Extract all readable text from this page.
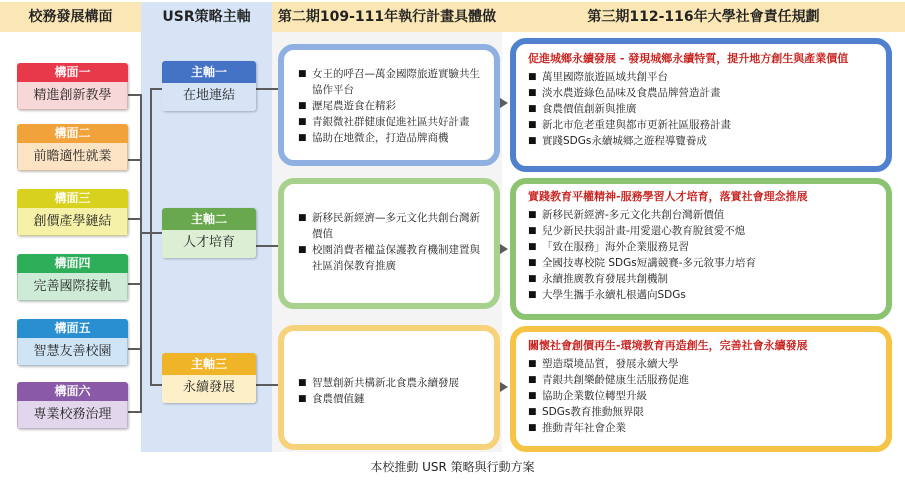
校務發展構面	USR策略主軸	第二期109-111年執行計畫具體做	第三期112-116年大學社會責任規劃
構面一
精進創新教學
構面二
前瞻適性就業
構面三
創價產學鏈結
構面四
完善國際接軌
構面五
智慧友善校園
構面六
專業校務治理
主軸一
在地連結
主軸二
人才培育
主軸三
永續發展
■ 女王的呼召—萬金國際旅遊實驗共生協作平台
■ 瀝尾農遊食在精彩
■ 青銀微社群健康促進社區共好計畫
■ 協助在地微企，打造品牌商機
■ 新移民新經濟—多元文化共創台灣新價值
■ 校園消費者權益保護教育機制建置與社區消保教育推廣
■ 智慧創新共構新北食農永續發展
■ 食農價值鏈
促進城鄉永續發展 - 發現城鄉永續特質，提升地方創生與產業價值
■ 萬里國際旅遊區域共創平台
■ 淡水農遊綠色品味及食農品牌營造計畫
■ 食農價值創新與推廣
■ 新北市危老重建與都市更新社區服務計畫
■ 實踐SDGs永續城鄉之遊程導覽養成
實踐教育平權精神-服務學習人才培育，落實社會理念推展
■ 新移民新經濟-多元文化共創台灣新價值
■ 兒少新民扶弱計畫-用愛還心教育脫貧愛不熄
■ 「致在服務」海外企業服務見習
■ 全國技專校院 SDGs短講競賽-多元敘事力培育
■ 永續推廣教育發展共創機制
■ 大學生攜手永續札根邁向SDGs
關懷社會創價再生-環境教育再造創生，完善社會永續發展
■ 塑造環境品質，發展永續大學
■ 青銀共創樂齡健康生活服務促進
■ 協助企業數位轉型升級
■ SDGs教育推動無界限
■ 推動青年社會企業
本校推動 USR 策略與行動方案
